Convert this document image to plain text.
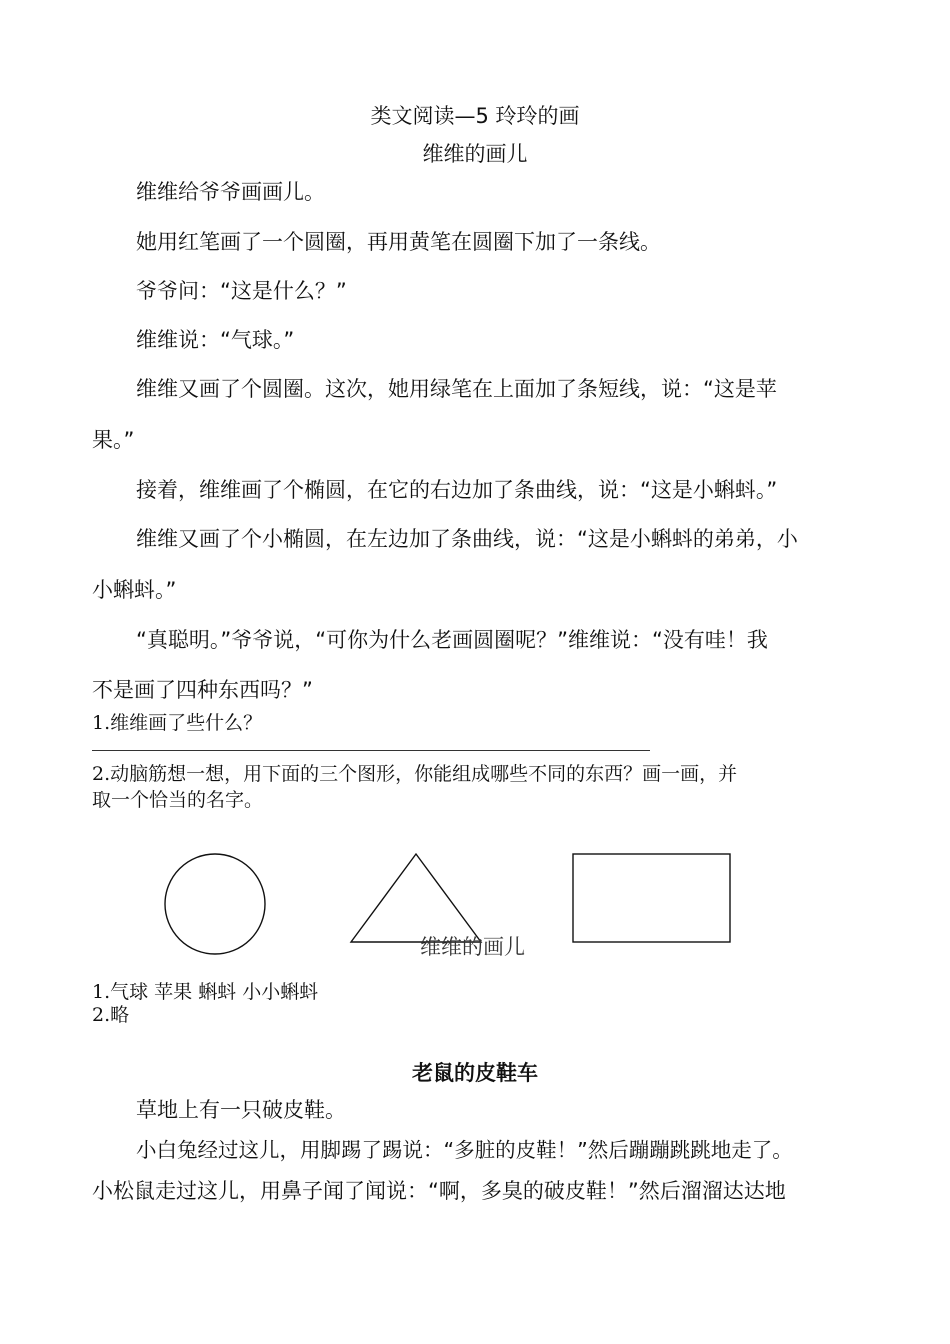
类文阅读—5 玲玲的画
维维的画儿
维维给爷爷画画儿。
她用红笔画了一个圆圈，再用黄笔在圆圈下加了一条线。
爷爷问：“这是什么？”
维维说：“气球。”
维维又画了个圆圈。这次，她用绿笔在上面加了条短线，说：“这是苹
果。”
接着，维维画了个椭圆，在它的右边加了条曲线，说：“这是小蝌蚪。”
维维又画了个小椭圆，在左边加了条曲线，说：“这是小蝌蚪的弟弟，小
小蝌蚪。”
“真聪明。”爷爷说，“可你为什么老画圆圈呢？”维维说：“没有哇！我
不是画了四种东西吗？”
1.维维画了些什么？
2.动脑筋想一想，用下面的三个图形，你能组成哪些不同的东西？画一画，并
取一个恰当的名字。
维维的画儿
1.气球 苹果 蝌蚪 小小蝌蚪
2.略
老鼠的皮鞋车
草地上有一只破皮鞋。
小白兔经过这儿，用脚踢了踢说：“多脏的皮鞋！”然后蹦蹦跳跳地走了。
小松鼠走过这儿，用鼻子闻了闻说：“啊，多臭的破皮鞋！”然后溜溜达达地
